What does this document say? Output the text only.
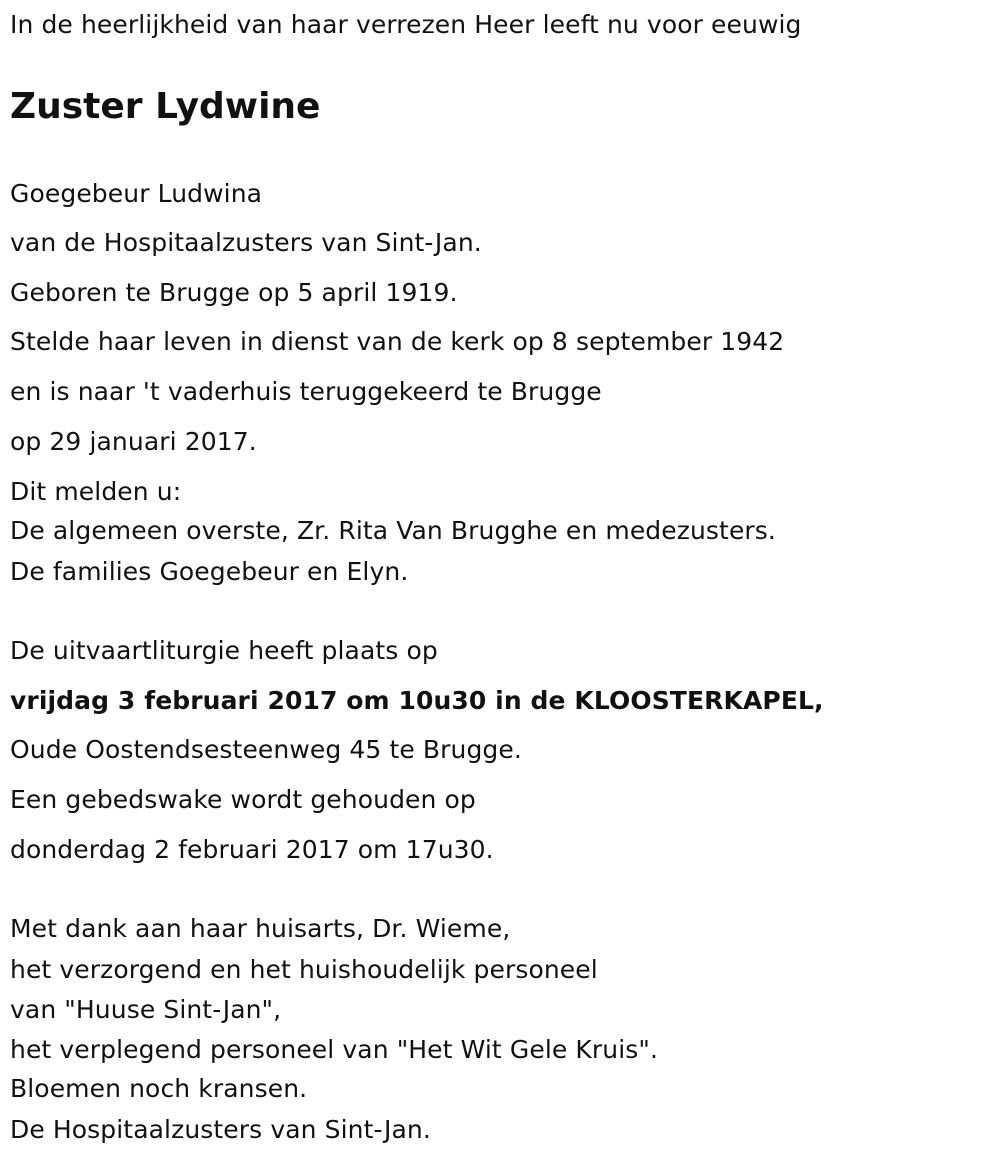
In de heerlijkheid van haar verrezen Heer leeft nu voor eeuwig
Zuster Lydwine
Goegebeur Ludwina
van de Hospitaalzusters van Sint-Jan.
Geboren te Brugge op 5 april 1919.
Stelde haar leven in dienst van de kerk op 8 september 1942
en is naar 't vaderhuis teruggekeerd te Brugge
op 29 januari 2017.
Dit melden u:
De algemeen overste, Zr. Rita Van Brugghe en medezusters.
De families Goegebeur en Elyn.
De uitvaartliturgie heeft plaats op
vrijdag 3 februari 2017 om 10u30 in de KLOOSTERKAPEL,
Oude Oostendsesteenweg 45 te Brugge.
Een gebedswake wordt gehouden op
donderdag 2 februari 2017 om 17u30.
Met dank aan haar huisarts, Dr. Wieme,
het verzorgend en het huishoudelijk personeel
van "Huuse Sint-Jan",
het verplegend personeel van "Het Wit Gele Kruis".
Bloemen noch kransen.
De Hospitaalzusters van Sint-Jan.
